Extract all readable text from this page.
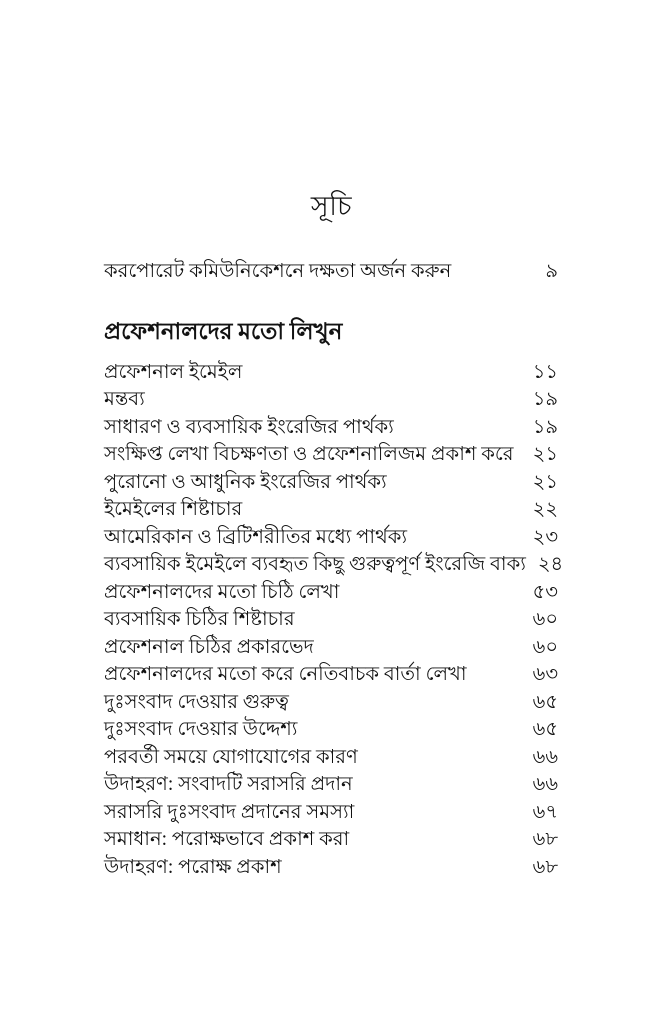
সূচি
করপোরেট কমিউনিকেশনে দক্ষতা অর্জন করুন	৯
প্রফেশনালদের মতো লিখুন
প্রফেশনাল ইমেইল	১১
মন্তব্য	১৯
সাধারণ ও ব্যবসায়িক ইংরেজির পার্থক্য	১৯
সংক্ষিপ্ত লেখা বিচক্ষণতা ও প্রফেশনালিজম প্রকাশ করে ২১
পুরোনো ও আধুনিক ইংরেজির পার্থক্য	২১
ইমেইলের শিষ্টাচার	২২
আমেরিকান ও ব্রিটিশরীতির মধ্যে পার্থক্য	২৩
ব্যবসায়িক ইমেইলে ব্যবহৃত কিছু গুরুত্বপূর্ণ ইংরেজি বাক্য ২৪
প্রফেশনালদের মতো চিঠি লেখা	৫৩
ব্যবসায়িক চিঠির শিষ্টাচার	৬০
প্রফেশনাল চিঠির প্রকারভেদ	৬০
প্রফেশনালদের মতো করে নেতিবাচক বার্তা লেখা	৬৩
দুঃসংবাদ দেওয়ার গুরুত্ব	৬৫
দুঃসংবাদ দেওয়ার উদ্দেশ্য	৬৫
পরবর্তী সময়ে যোগাযোগের কারণ	৬৬
উদাহরণ: সংবাদটি সরাসরি প্রদান	৬৬
সরাসরি দুঃসংবাদ প্রদানের সমস্যা	৬৭
সমাধান: পরোক্ষভাবে প্রকাশ করা	৬৮
উদাহরণ: পরোক্ষ প্রকাশ	৬৮
